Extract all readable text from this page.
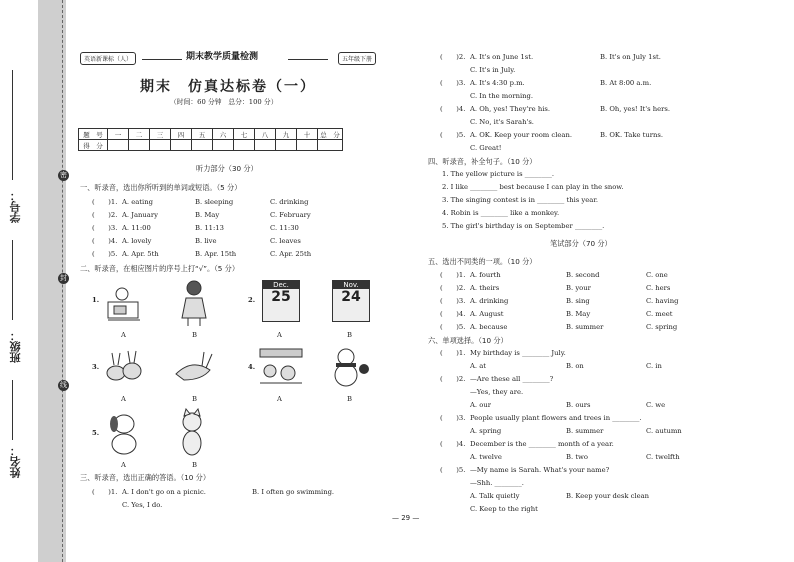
学号：
班级：
姓名：
密
封
线
英语新课标（人）	期末教学质量检测	五年级下册
期末　仿真达标卷（一）
（时间：60 分钟　总分：100 分）
题　号	一	二	三	四	五	六	七	八	九	十	总　分
得　分											
听力部分（30 分）
一、听录音，选出你所听到的单词或短语。（5 分）
(　　)1. A. eating	B. sleeping	C. drinking
(　　)2. A. January	B. May	C. February
(　　)3. A. 11:00	B. 11:13	C. 11:30
(　　)4. A. lovely	B. live	C. leaves
(　　)5. A. Apr. 5th	B. Apr. 15th	C. Apr. 25th
二、听录音，在相应图片的序号上打“√”。（5 分）
1.
A	B
2.
Dec.
25
Nov.
24
A	B
3.
A	B
4.
A	B
5.
A	B
三、听录音，选出正确的答语。（10 分）
(　　)1. A. I don't go on a picnic.	B. I often go swimming.
C. Yes, I do.
(　　)2. A. It's on June 1st.	B. It's on July 1st.
C. It's in July.
(　　)3. A. It's 4:30 p.m.	B. At 8:00 a.m.
C. In the morning.
(　　)4. A. Oh, yes! They're his.	B. Oh, yes! It's hers.
C. No, it's Sarah's.
(　　)5. A. OK. Keep your room clean.	B. OK. Take turns.
C. Great!
四、听录音，补全句子。（10 分）
1. The yellow picture is ________.
2. I like ________ best because I can play in the snow.
3. The singing contest is in ________ this year.
4. Robin is ________ like a monkey.
5. The girl's birthday is on September ________.
笔试部分（70 分）
五、选出不同类的一项。（10 分）
(　　)1. A. fourth	B. second	C. one
(　　)2. A. theirs	B. your	C. hers
(　　)3. A. drinking	B. sing	C. having
(　　)4. A. August	B. May	C. meet
(　　)5. A. because	B. summer	C. spring
六、单项选择。（10 分）
(　　)1. My birthday is ________ July.
A. at	B. on	C. in
(　　)2. —Are these all ________?
—Yes, they are.
A. our	B. ours	C. we
(　　)3. People usually plant flowers and trees in ________.
A. spring	B. summer	C. autumn
(　　)4. December is the ________ month of a year.
A. twelve	B. two	C. twelfth
(　　)5. —My name is Sarah. What's your name?
—Shh. ________.
A. Talk quietly	B. Keep your desk clean
C. Keep to the right
— 29 —
